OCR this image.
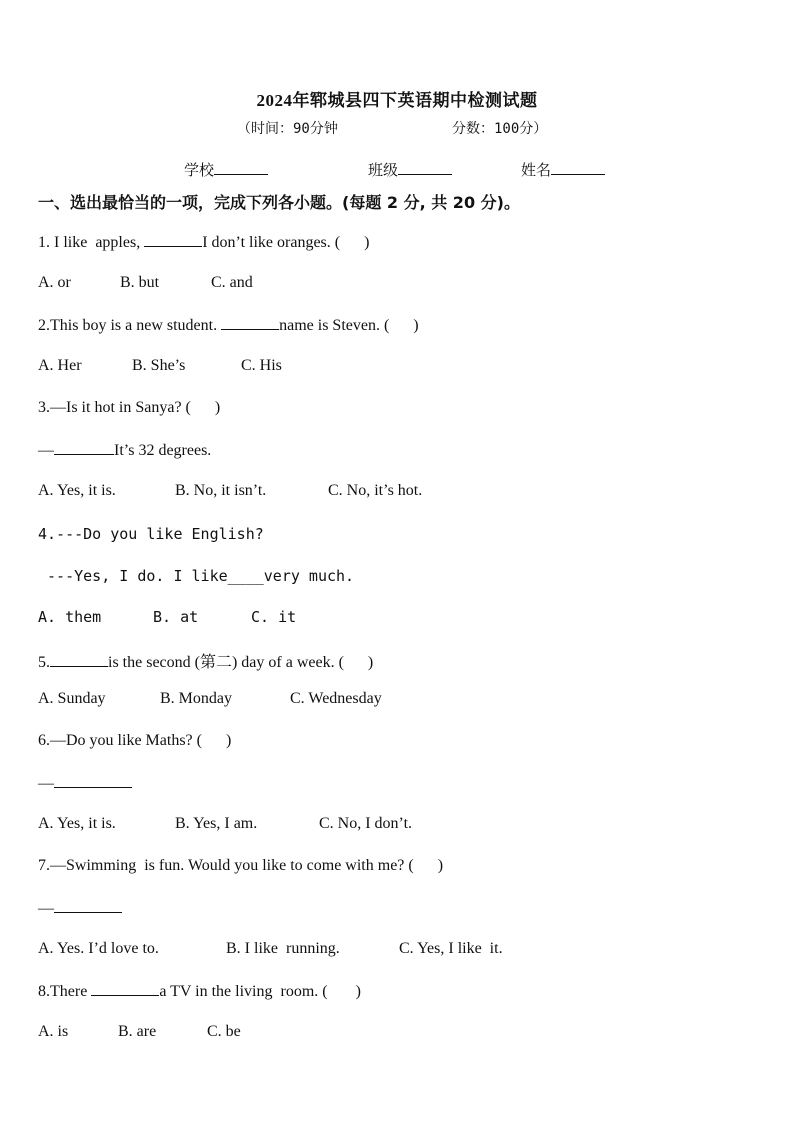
2024年郓城县四下英语期中检测试题
（时间：90分钟	分数：100分）
学校	班级	姓名
一、选出最恰当的一项，完成下列各小题。(每题 2 分, 共 20 分)。
1. I like  apples,	I don’t like oranges. (      )
A. or	B. but	C. and
2.This boy is a new student.	name is Steven. (      )
A. Her	B. She’s	C. His
3.—Is it hot in Sanya? (      )
—	It’s 32 degrees.
A. Yes, it is.	B. No, it isn’t.	C. No, it’s hot.
4.---Do you like English?
---Yes, I do. I like____very much.
A. them	B. at	C. it
5.	is the second (第二) day of a week. (      )
A. Sunday	B. Monday	C. Wednesday
6.—Do you like Maths? (      )
—
A. Yes, it is.	B. Yes, I am.	C. No, I don’t.
7.—Swimming  is fun. Would you like to come with me? (      )
—
A. Yes. I’d love to.	B. I like  running.	C. Yes, I like  it.
8.There	a TV in the living  room. (       )
A. is	B. are	C. be
